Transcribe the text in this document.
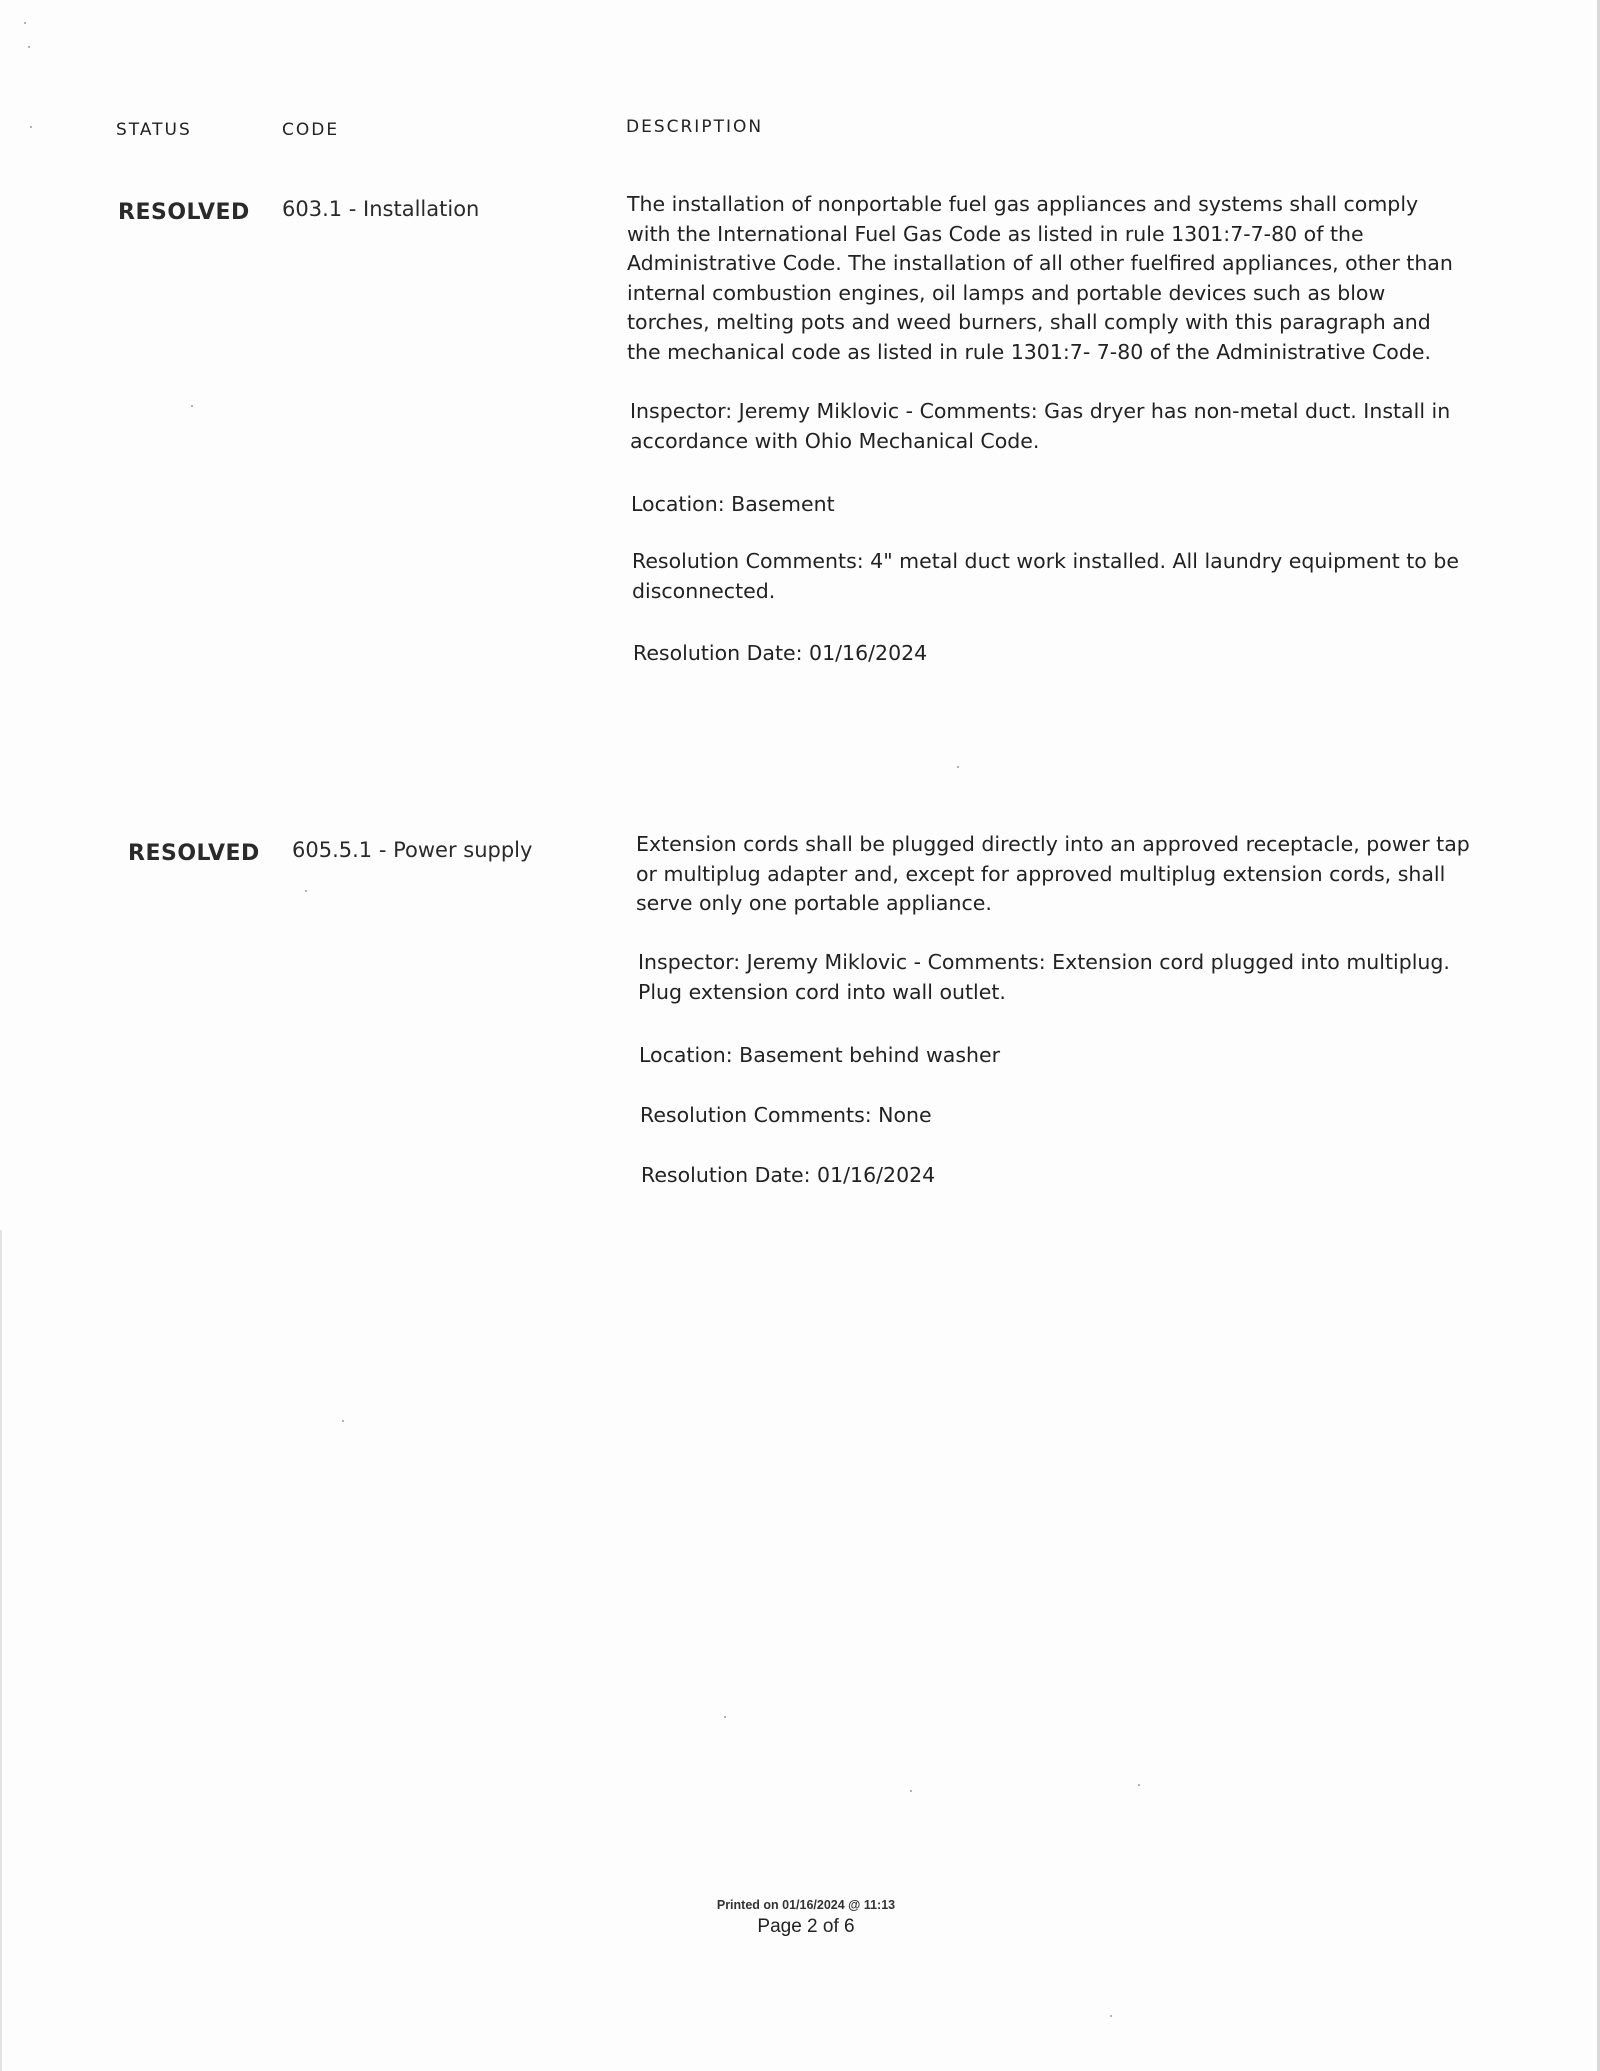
STATUS	CODE	DESCRIPTION
RESOLVED 603.1 - Installation	The installation of nonportable fuel gas appliances and systems shall comply with the International Fuel Gas Code as listed in rule 1301:7-7-80 of the Administrative Code. The installation of all other fuelfired appliances, other than internal combustion engines, oil lamps and portable devices such as blow torches, melting pots and weed burners, shall comply with this paragraph and the mechanical code as listed in rule 1301:7- 7-80 of the Administrative Code.

Inspector: Jeremy Miklovic - Comments: Gas dryer has non-metal duct. Install in accordance with Ohio Mechanical Code.

Location: Basement

Resolution Comments: 4" metal duct work installed. All laundry equipment to be disconnected.

Resolution Date: 01/16/2024

RESOLVED 605.5.1 - Power supply	Extension cords shall be plugged directly into an approved receptacle, power tap or multiplug adapter and, except for approved multiplug extension cords, shall serve only one portable appliance.

Inspector: Jeremy Miklovic - Comments: Extension cord plugged into multiplug. Plug extension cord into wall outlet.

Location: Basement behind washer

Resolution Comments: None

Resolution Date: 01/16/2024

Printed on 01/16/2024 @ 11:13
Page 2 of 6
